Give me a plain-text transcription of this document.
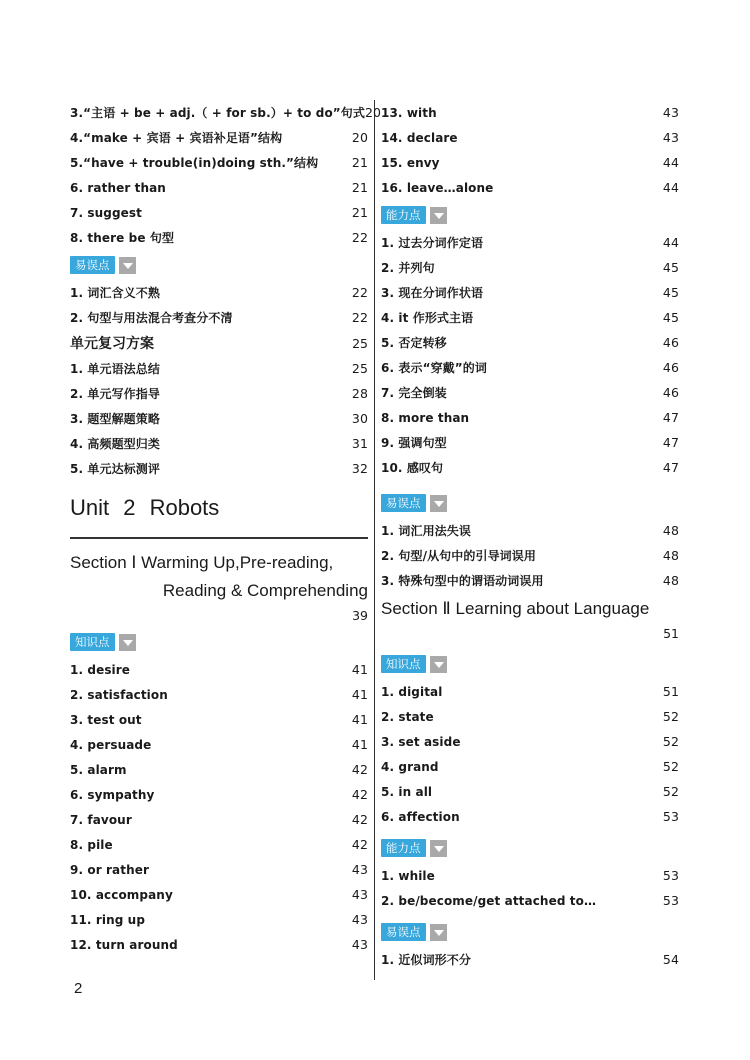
3.“主语 + be + adj.（ + for sb.）+ to do”句式 20
4.“make + 宾语 + 宾语补足语”结构	20
5.“have + trouble(in)doing sth.”结构	21
6. rather than	21
7. suggest	21
8. there be 句型	22
易误点
1. 词汇含义不熟	22
2. 句型与用法混合考查分不清	22
单元复习方案	25
1. 单元语法总结	25
2. 单元写作指导	28
3. 题型解题策略	30
4. 高频题型归类	31
5. 单元达标测评	32
Unit 2 Robots
Section Ⅰ Warming Up,Pre-reading,
Reading & Comprehending
39
知识点
1. desire	41
2. satisfaction	41
3. test out	41
4. persuade	41
5. alarm	42
6. sympathy	42
7. favour	42
8. pile	42
9. or rather	43
10. accompany	43
11. ring up	43
12. turn around	43
13. with	43
14. declare	43
15. envy	44
16. leave…alone	44
能力点
1. 过去分词作定语	44
2. 并列句	45
3. 现在分词作状语	45
4. it 作形式主语	45
5. 否定转移	46
6. 表示“穿戴”的词	46
7. 完全倒装	46
8. more than	47
9. 强调句型	47
10. 感叹句	47
易误点
1. 词汇用法失误	48
2. 句型/从句中的引导词误用	48
3. 特殊句型中的谓语动词误用	48
Section Ⅱ Learning about Language
51
知识点
1. digital	51
2. state	52
3. set aside	52
4. grand	52
5. in all	52
6. affection	53
能力点
1. while	53
2. be/become/get attached to…	53
易误点
1. 近似词形不分	54
2
